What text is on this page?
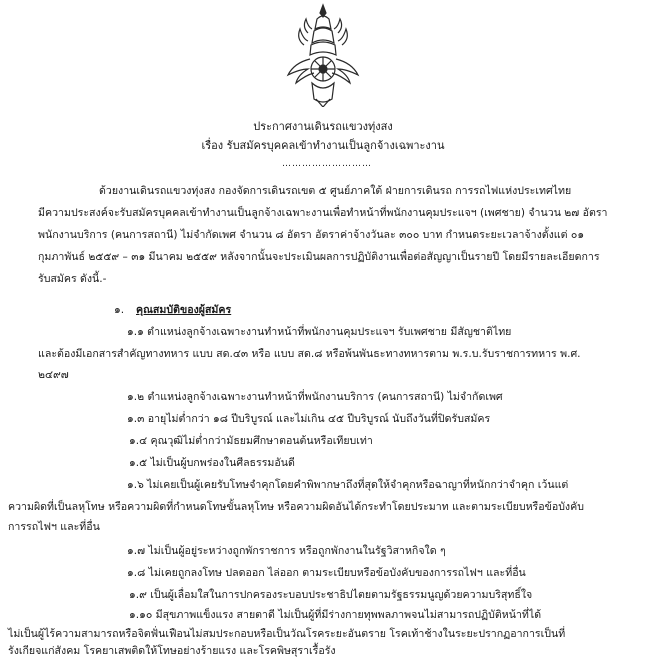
ประกาศงานเดินรถแขวงทุ่งสง
เรื่อง รับสมัครบุคคลเข้าทำงานเป็นลูกจ้างเฉพาะงาน
………………………
ด้วยงานเดินรถแขวงทุ่งสง กองจัดการเดินรถเขต ๕ ศูนย์ภาคใต้ ฝ่ายการเดินรถ การรถไฟแห่งประเทศไทย
มีความประสงค์จะรับสมัครบุคคลเข้าทำงานเป็นลูกจ้างเฉพาะงานเพื่อทำหน้าที่พนักงานคุมประแจฯ (เพศชาย) จำนวน ๒๗ อัตรา
พนักงานบริการ (คนการสถานี) ไม่จำกัดเพศ จำนวน ๘ อัตรา อัตราค่าจ้างวันละ ๓๐๐ บาท กำหนดระยะเวลาจ้างตั้งแต่ ๐๑
กุมภาพันธ์ ๒๕๕๙ – ๓๑ มีนาคม ๒๕๕๙ หลังจากนั้นจะประเมินผลการปฏิบัติงานเพื่อต่อสัญญาเป็นรายปี โดยมีรายละเอียดการ
รับสมัคร ดังนี้.-
๑. คุณสมบัติของผู้สมัคร
๑.๑ ตำแหน่งลูกจ้างเฉพาะงานทำหน้าที่พนักงานคุมประแจฯ รับเพศชาย มีสัญชาติไทย
และต้องมีเอกสารสำคัญทางทหาร แบบ สด.๔๓ หรือ แบบ สด.๘ หรือพ้นพันธะทางทหารตาม พ.ร.บ.รับราชการทหาร พ.ศ.
๒๔๙๗
๑.๒ ตำแหน่งลูกจ้างเฉพาะงานทำหน้าที่พนักงานบริการ (คนการสถานี) ไม่จำกัดเพศ
๑.๓ อายุไม่ต่ำกว่า ๑๘ ปีบริบูรณ์ และไม่เกิน ๔๕ ปีบริบูรณ์ นับถึงวันที่ปิดรับสมัคร
๑.๔ คุณวุฒิไม่ต่ำกว่ามัธยมศึกษาตอนต้นหรือเทียบเท่า
๑.๕ ไม่เป็นผู้บกพร่องในศีลธรรมอันดี
๑.๖ ไม่เคยเป็นผู้เคยรับโทษจำคุกโดยคำพิพากษาถึงที่สุดให้จำคุกหรือฉาญาที่หนักกว่าจำคุก เว้นแต่
ความผิดที่เป็นลหุโทษ หรือความผิดที่กำหนดโทษขั้นลหุโทษ หรือความผิดอันได้กระทำโดยประมาท และตามระเบียบหรือข้อบังคับ
การรถไฟฯ และที่อื่น
๑.๗ ไม่เป็นผู้อยู่ระหว่างถูกพักราชการ หรือถูกพักงานในรัฐวิสาหกิจใด ๆ
๑.๘ ไม่เคยถูกลงโทษ ปลดออก ไล่ออก ตามระเบียบหรือข้อบังคับของการรถไฟฯ และที่อื่น
๑.๙ เป็นผู้เลื่อมใสในการปกครองระบอบประชาธิปไตยตามรัฐธรรมนูญด้วยความบริสุทธิ์ใจ
๑.๑๐ มีสุขภาพแข็งแรง สายตาดี ไม่เป็นผู้ที่มีร่างกายทุพพลภาพจนไม่สามารถปฏิบัติหน้าที่ได้
ไม่เป็นผู้ไร้ความสามารถหรือจิตฟั่นเฟือนไม่สมประกอบหรือเป็นวัณโรคระยะอันตราย โรคเท้าช้างในระยะปรากฏอาการเป็นที่
รังเกียจแก่สังคม โรคยาเสพติดให้โทษอย่างร้ายแรง และโรคพิษสุราเรื้อรัง
